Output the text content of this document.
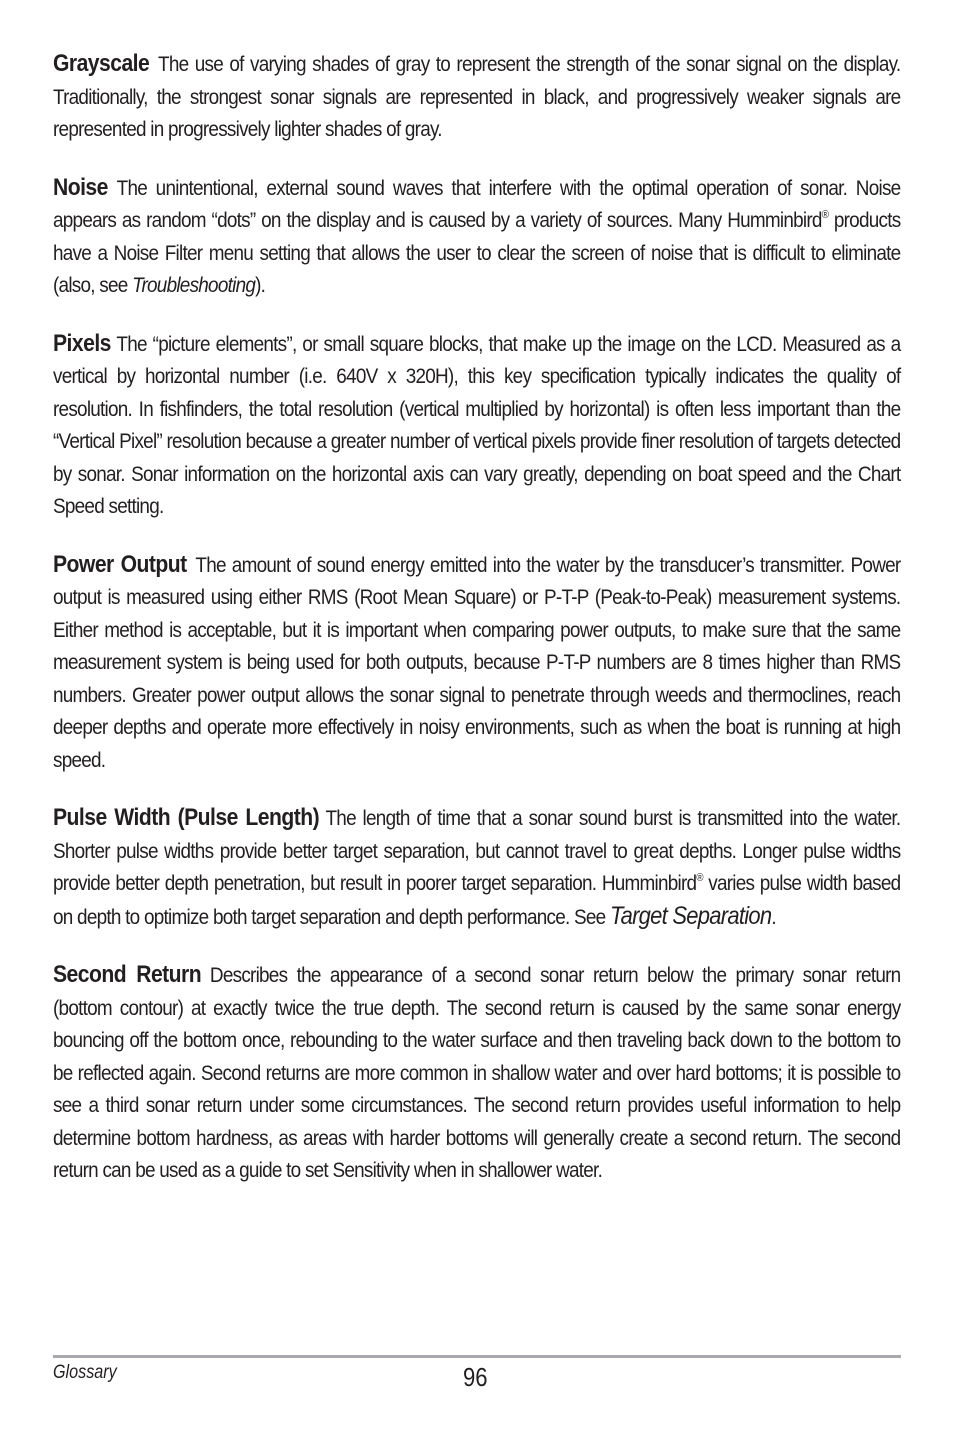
Grayscale The use of varying shades of gray to represent the strength of the sonar signal on the display. Traditionally, the strongest sonar signals are represented in black, and progressively weaker signals are represented in progressively lighter shades of gray.

Noise The unintentional, external sound waves that interfere with the optimal operation of sonar. Noise appears as random “dots” on the display and is caused by a variety of sources. Many Humminbird® products have a Noise Filter menu setting that allows the user to clear the screen of noise that is difficult to eliminate (also, see Troubleshooting).

Pixels The “picture elements”, or small square blocks, that make up the image on the LCD. Measured as a vertical by horizontal number (i.e. 640V x 320H), this key specification typically indicates the quality of resolution. In fishfinders, the total resolution (vertical multiplied by horizontal) is often less important than the “Vertical Pixel” resolution because a greater number of vertical pixels provide finer resolution of targets detected by sonar. Sonar information on the horizontal axis can vary greatly, depending on boat speed and the Chart Speed setting.

Power Output The amount of sound energy emitted into the water by the transducer’s transmitter. Power output is measured using either RMS (Root Mean Square) or P-T-P (Peak-to-Peak) measurement systems. Either method is acceptable, but it is important when comparing power outputs, to make sure that the same measurement system is being used for both outputs, because P-T-P numbers are 8 times higher than RMS numbers. Greater power output allows the sonar signal to penetrate through weeds and thermoclines, reach deeper depths and operate more effectively in noisy environments, such as when the boat is running at high speed.

Pulse Width (Pulse Length) The length of time that a sonar sound burst is transmitted into the water. Shorter pulse widths provide better target separation, but cannot travel to great depths. Longer pulse widths provide better depth penetration, but result in poorer target separation. Humminbird® varies pulse width based on depth to optimize both target separation and depth performance. See Target Separation.

Second Return Describes the appearance of a second sonar return below the primary sonar return (bottom contour) at exactly twice the true depth. The second return is caused by the same sonar energy bouncing off the bottom once, rebounding to the water surface and then traveling back down to the bottom to be reflected again. Second returns are more common in shallow water and over hard bottoms; it is possible to see a third sonar return under some circumstances. The second return provides useful information to help determine bottom hardness, as areas with harder bottoms will generally create a second return. The second return can be used as a guide to set Sensitivity when in shallower water.

Glossary	96
